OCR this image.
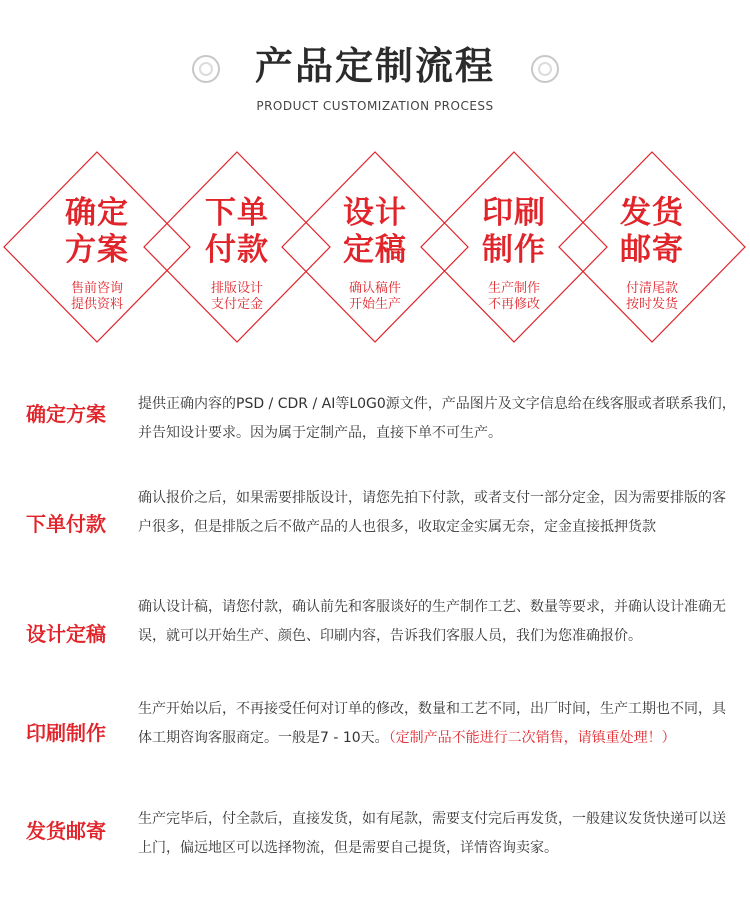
产品定制流程
PRODUCT CUSTOMIZATION PROCESS
确定
方案
售前咨询
提供资料
下单
付款
排版设计
支付定金
设计
定稿
确认稿件
开始生产
印刷
制作
生产制作
不再修改
发货
邮寄
付清尾款
按时发货
确定方案 提供正确内容的PSD / CDR / AI等L0G0源文件，产品图片及文字信息给在线客服或者联系我们，并告知设计要求。因为属于定制产品，直接下单不可生产。
下单付款
确认报价之后，如果需要排版设计，请您先拍下付款，或者支付一部分定金，因为需要排版的客户很多，但是排版之后不做产品的人也很多，收取定金实属无奈，定金直接抵押货款
设计定稿
确认设计稿，请您付款，确认前先和客服谈好的生产制作工艺、数量等要求，并确认设计准确无误，就可以开始生产、颜色、印刷内容，告诉我们客服人员，我们为您准确报价。
印刷制作
生产开始以后，不再接受任何对订单的修改，数量和工艺不同，出厂时间，生产工期也不同，具体工期咨询客服商定。一般是7 - 10天。（定制产品不能进行二次销售，请镇重处理！）
发货邮寄 生产完毕后，付全款后，直接发货，如有尾款，需要支付完后再发货，一般建议发货快递可以送上门，偏远地区可以选择物流，但是需要自己提货，详情咨询卖家。
